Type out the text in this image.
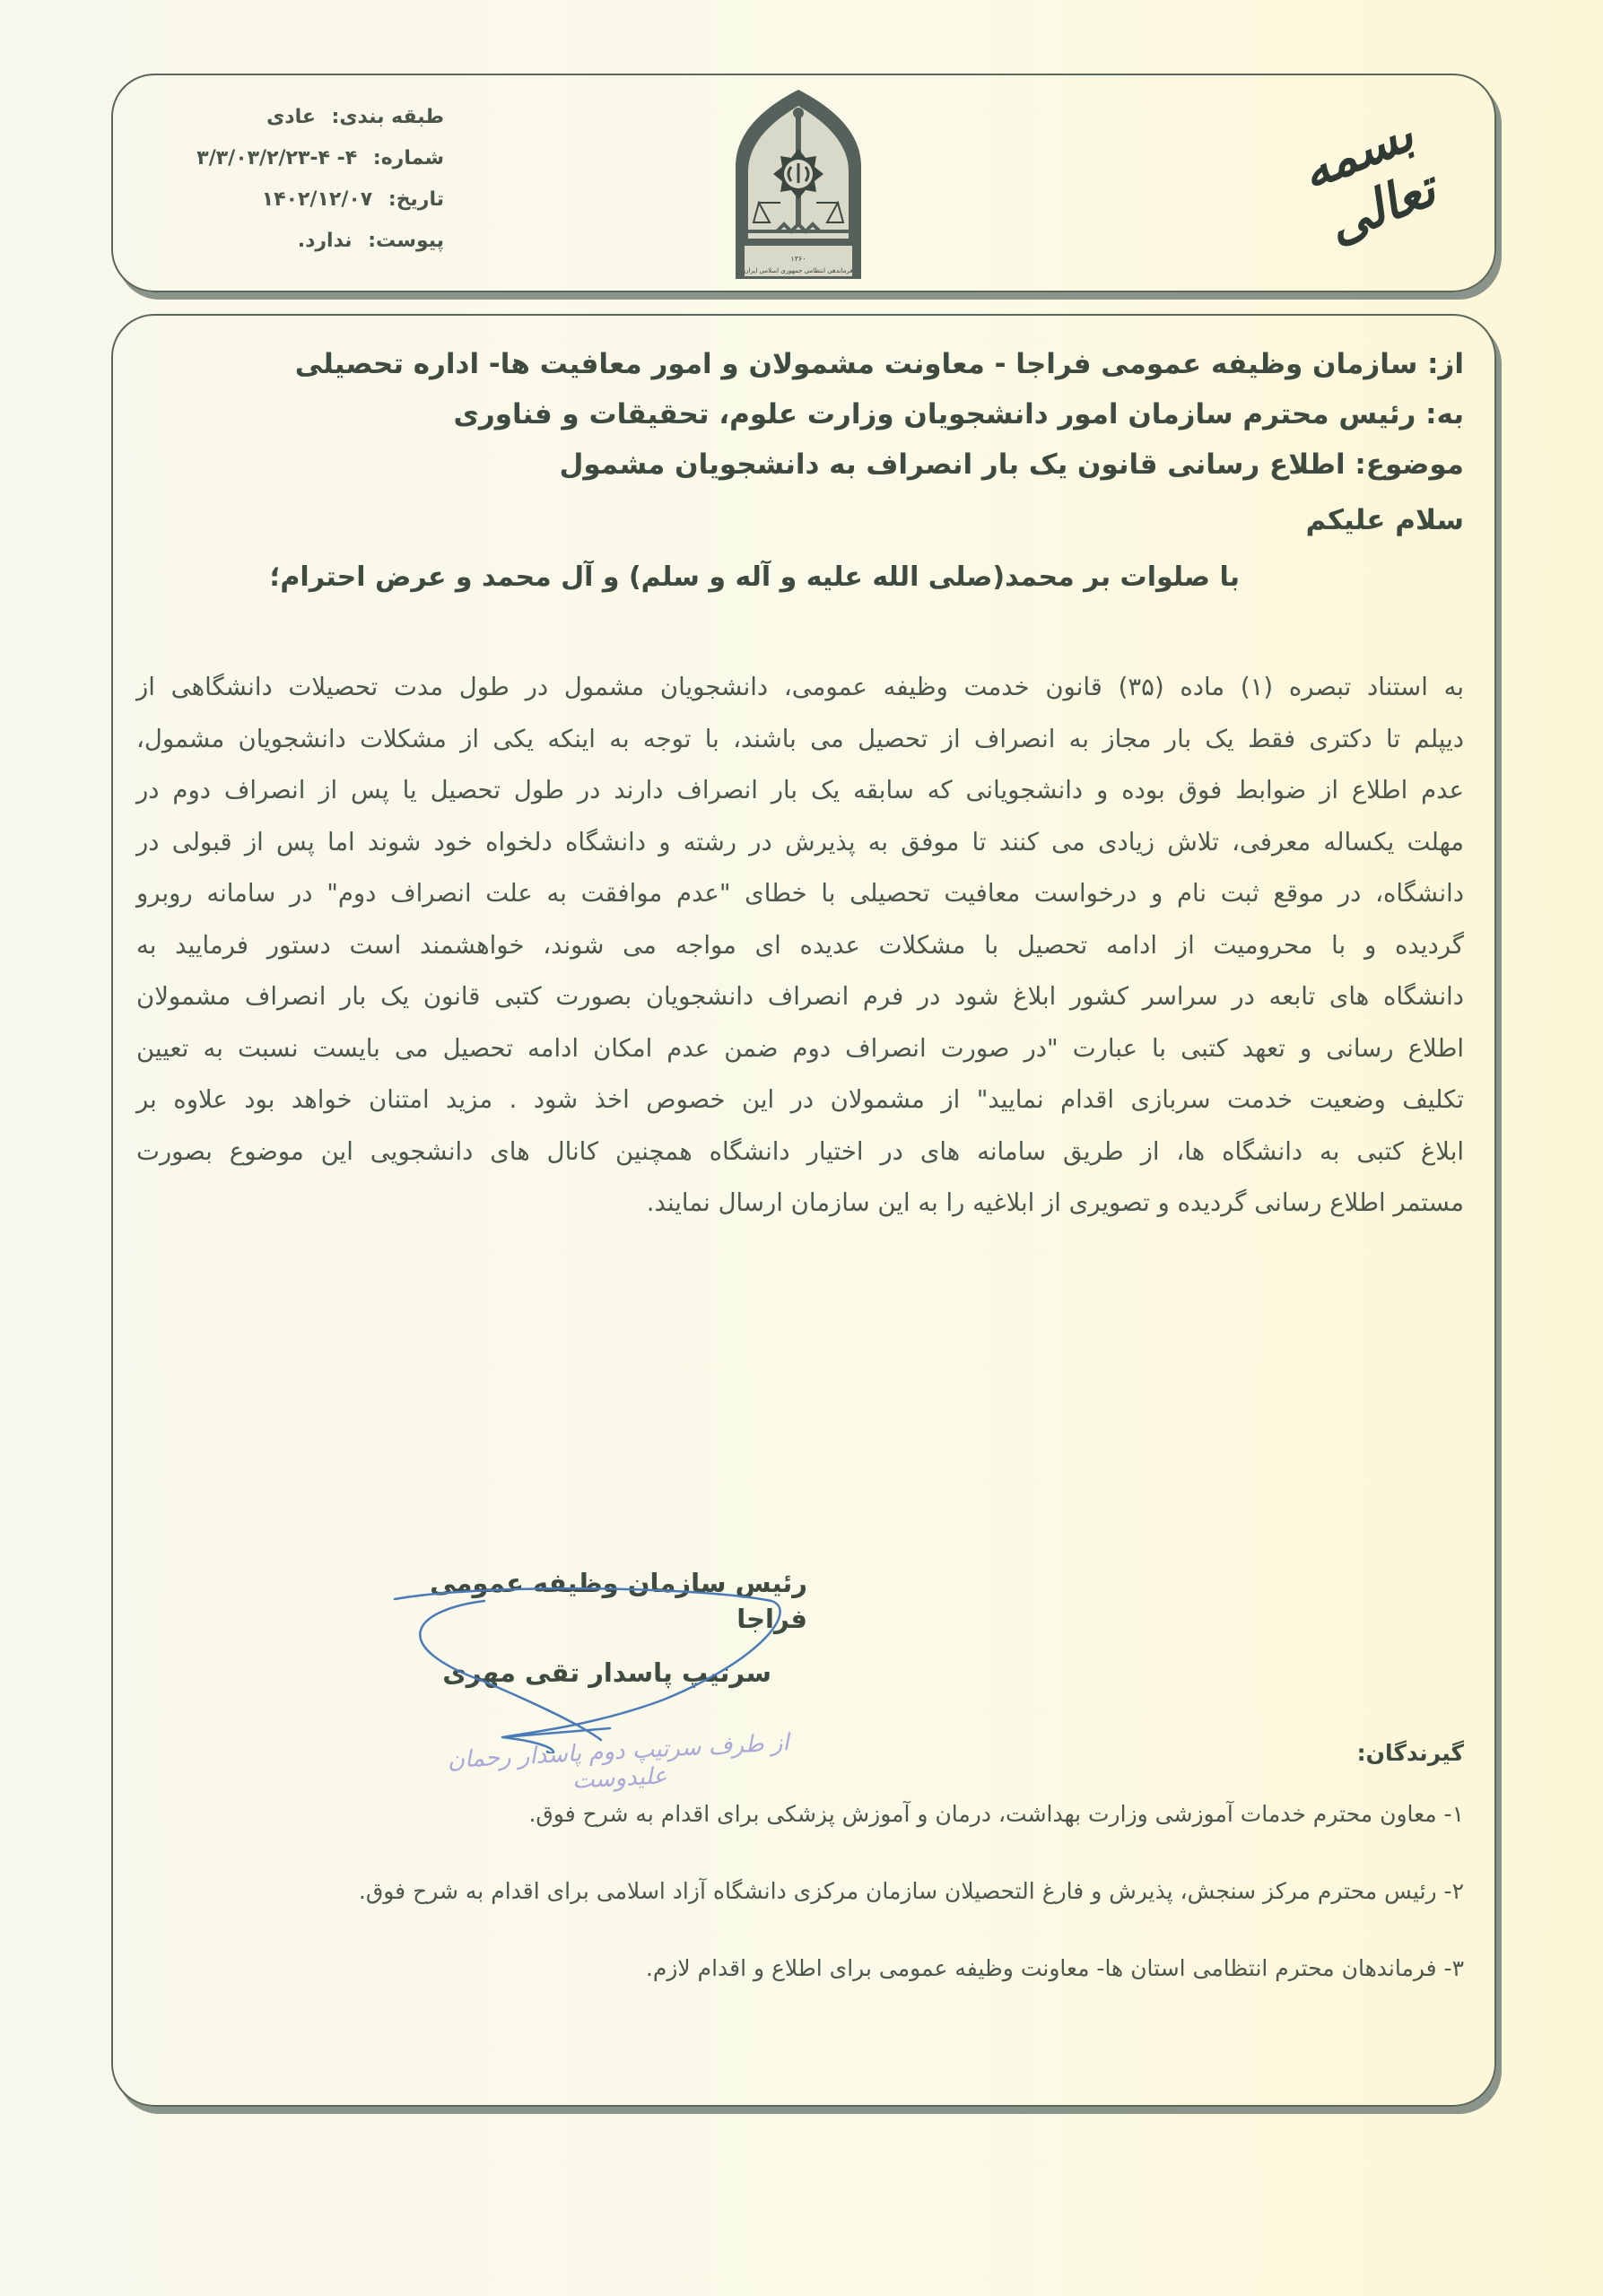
طبقه بندی: عادی
شماره: ۴- ۴-۳/۳/۰۳/۲/۲۳
تاریخ: ۱۴۰۲/۱۲/۰۷
پیوست: ندارد.
۱۳۶۰
فرماندهی انتظامی جمهوری اسلامی ایران
بسمه تعالی
از: سازمان وظیفه عمومی فراجا - معاونت مشمولان و امور معافیت ها- اداره تحصیلی
به: رئیس محترم سازمان امور دانشجویان وزارت علوم، تحقیقات و فناوری
موضوع: اطلاع رسانی قانون یک بار انصراف به دانشجویان مشمول
سلام علیکم
با صلوات بر محمد(صلی الله علیه و آله و سلم) و آل محمد و عرض احترام؛
به استناد تبصره (۱) ماده (۳۵) قانون خدمت وظیفه عمومی، دانشجویان مشمول در طول مدت تحصیلات دانشگاهی از
دیپلم تا دکتری فقط یک بار مجاز به انصراف از تحصیل می باشند، با توجه به اینکه یکی از مشکلات دانشجویان مشمول،
عدم اطلاع از ضوابط فوق بوده و دانشجویانی که سابقه یک بار انصراف دارند در طول تحصیل یا پس از انصراف دوم در
مهلت یکساله معرفی، تلاش زیادی می کنند تا موفق به پذیرش در رشته و دانشگاه دلخواه خود شوند اما پس از قبولی در
دانشگاه، در موقع ثبت نام و درخواست معافیت تحصیلی با خطای "عدم موافقت به علت انصراف دوم" در سامانه روبرو
گردیده و با محرومیت از ادامه تحصیل با مشکلات عدیده ای مواجه می شوند، خواهشمند است دستور فرمایید به
دانشگاه های تابعه در سراسر کشور ابلاغ شود در فرم انصراف دانشجویان بصورت کتبی قانون یک بار انصراف مشمولان
اطلاع رسانی و تعهد کتبی با عبارت "در صورت انصراف دوم ضمن عدم امکان ادامه تحصیل می بایست نسبت به تعیین
تکلیف وضعیت خدمت سربازی اقدام نمایید" از مشمولان در این خصوص اخذ شود . مزید امتنان خواهد بود علاوه بر
ابلاغ کتبی به دانشگاه ها، از طریق سامانه های در اختیار دانشگاه همچنین کانال های دانشجویی این موضوع بصورت
مستمر اطلاع رسانی گردیده و تصویری از ابلاغیه را به این سازمان ارسال نمایند.
رئیس سازمان وظیفه عمومی فراجا
سرتیپ پاسدار تقی مهری
از طرف سرتیپ دوم پاسدار رحمان علیدوست
گیرندگان:
۱- معاون محترم خدمات آموزشی وزارت بهداشت، درمان و آموزش پزشکی برای اقدام به شرح فوق.
۲- رئیس محترم مرکز سنجش، پذیرش و فارغ التحصیلان سازمان مرکزی دانشگاه آزاد اسلامی برای اقدام به شرح فوق.
۳- فرماندهان محترم انتظامی استان ها- معاونت وظیفه عمومی برای اطلاع و اقدام لازم.
